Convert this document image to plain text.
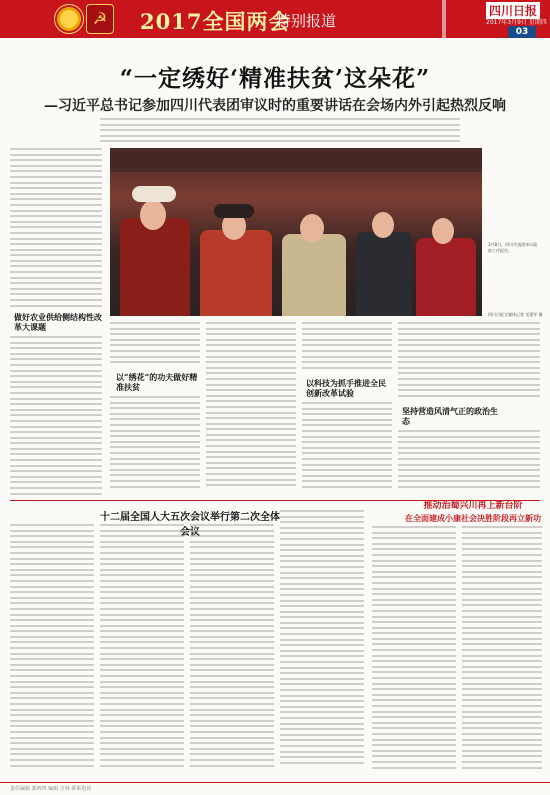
☭ 2017全国两会
特别报道
四川日报
2017年3月9日 星期四
03
“一定绣好‘精准扶贫’这朵花”
—习近平总书记参加四川代表团审议时的重要讲话在会场内外引起热烈反响
3月8日，四川代表团审议政府工作报告。
四川日报全媒体记者 毛建军 摄
做好农业供给侧结构性改革大课题
以“绣花”的功夫做好精准扶贫	以科技为抓手推进全民创新改革试验
坚持营造风清气正的政治生态
十二届全国人大五次会议举行第二次全体会议
推动治蜀兴川再上新台阶
在全面建成小康社会决胜阶段再立新功
责任编辑 郭四四 编辑 吉林 联系电话
